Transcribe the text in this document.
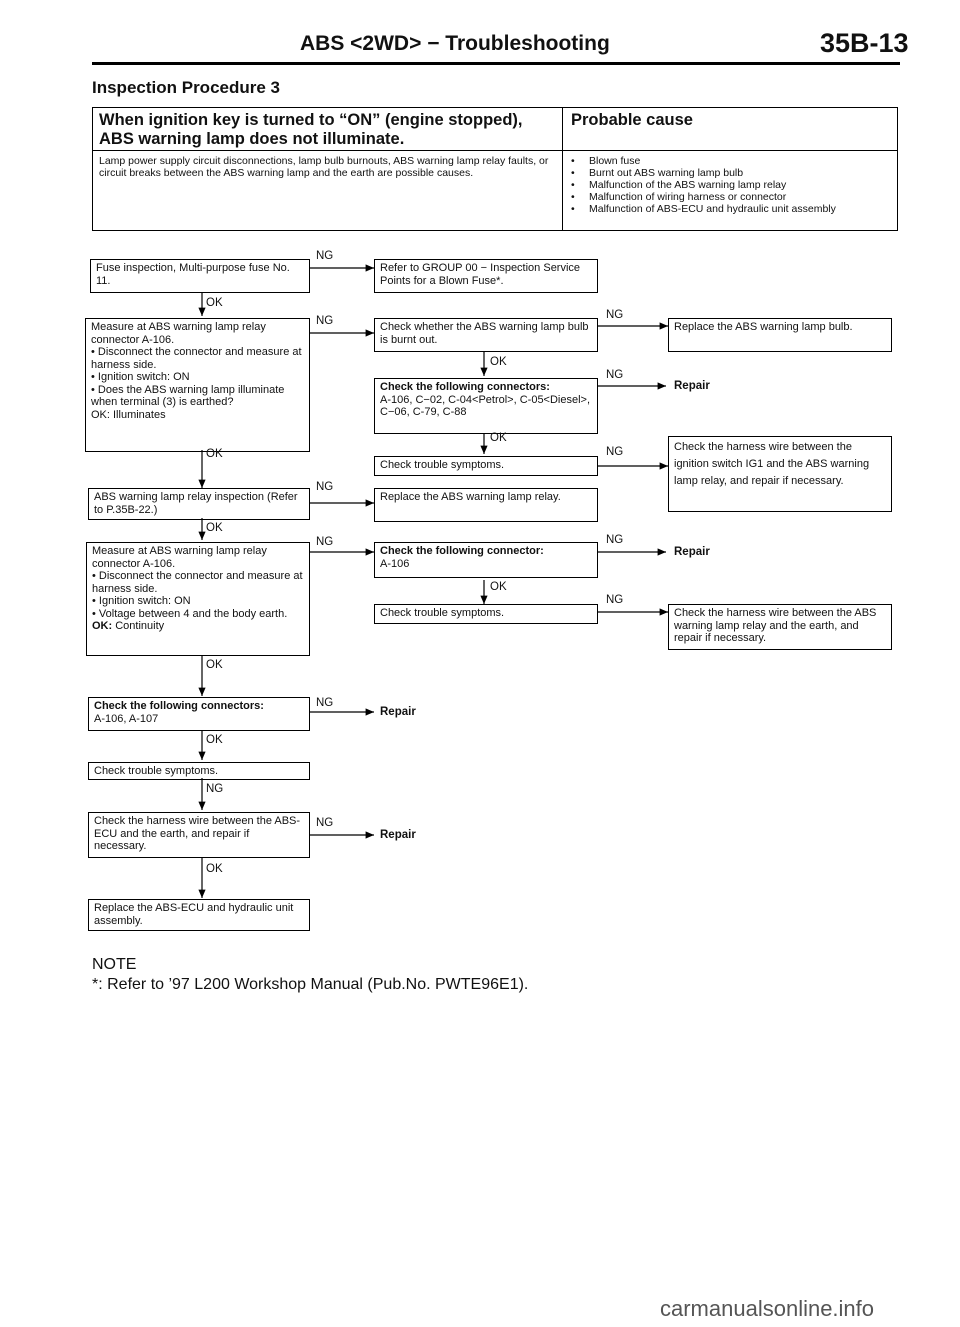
ABS <2WD> − Troubleshooting	35B-13
Inspection Procedure 3
When ignition key is turned to “ON” (engine stopped), ABS warning lamp does not illuminate.
Probable cause
Lamp power supply circuit disconnections, lamp bulb burnouts, ABS warning lamp relay faults, or circuit breaks between the ABS warning lamp and the earth are possible causes.
• Blown fuse
• Burnt out ABS warning lamp bulb
• Malfunction of the ABS warning lamp relay
• Malfunction of wiring harness or connector
• Malfunction of ABS-ECU and hydraulic unit assembly
Fuse inspection, Multi-purpose fuse No. 11.
Measure at ABS warning lamp relay connector A-106.
• Disconnect the connector and measure at harness side.
• Ignition switch: ON
• Does the ABS warning lamp illuminate when terminal (3) is earthed?
OK: Illuminates
ABS warning lamp relay inspection (Refer to P.35B-22.)
Measure at ABS warning lamp relay connector A-106.
• Disconnect the connector and measure at harness side.
• Ignition switch: ON
• Voltage between 4 and the body earth.
OK: Continuity
Check the following connectors:
A-106, A-107
Check trouble symptoms.
Check the harness wire between the ABS-ECU and the earth, and repair if necessary.
Replace the ABS-ECU and hydraulic unit assembly.
Refer to GROUP 00 − Inspection Service Points for a Blown Fuse*.
Check whether the ABS warning lamp bulb is burnt out.
Check the following connectors:
A-106, C−02, C-04<Petrol>, C-05<Diesel>, C−06, C-79, C-88
Check trouble symptoms.
Replace the ABS warning lamp relay.
Check the following connector:
A-106
Check trouble symptoms.
Replace the ABS warning lamp bulb.
Check the harness wire between the ignition switch IG1 and the ABS warning lamp relay, and repair if necessary.
Check the harness wire between the ABS warning lamp relay and the earth, and repair if necessary.
Repair
Repair
Repair
Repair
NG
OK
NG	NG
OK
NG
OK
NG
OK
NG
OK
NG	NG
OK
NG
OK
NG
OK
NG
NG
OK
NOTE
*: Refer to ’97 L200 Workshop Manual (Pub.No. PWTE96E1).
carmanualsonline.info
